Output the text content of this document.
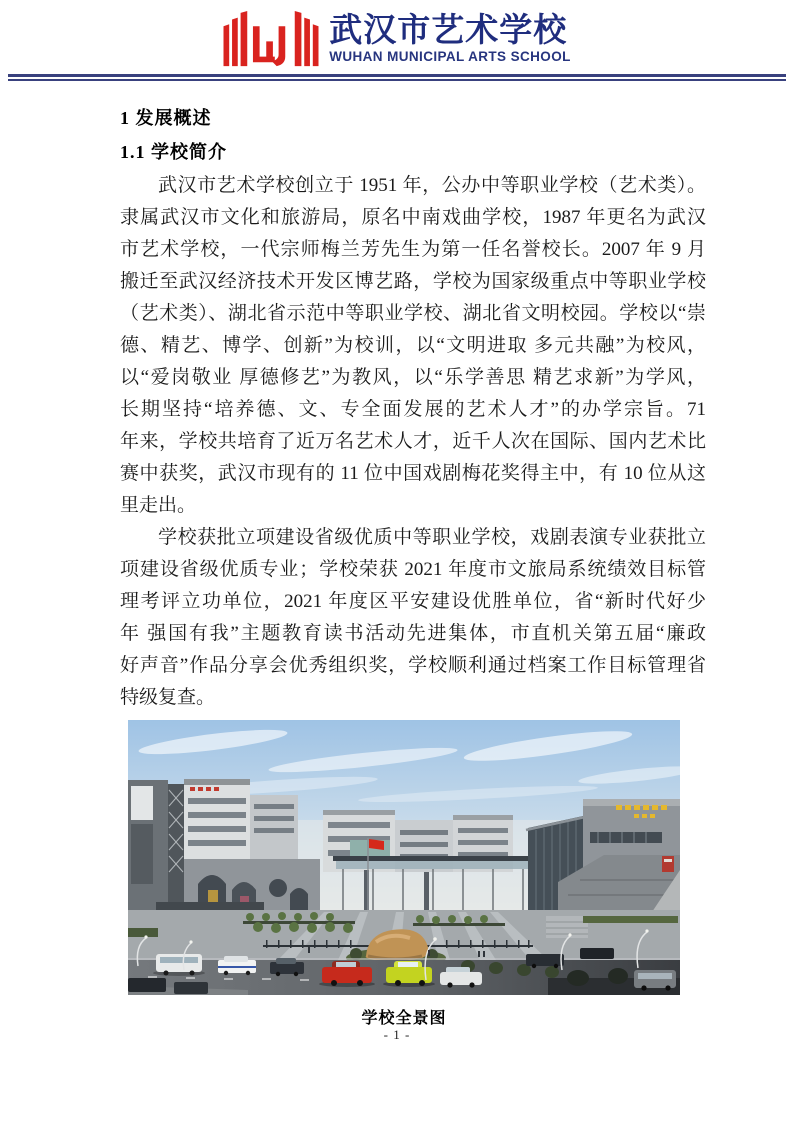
武汉市艺术学校
WUHAN MUNICIPAL ARTS SCHOOL
1 发展概述
1.1 学校简介
武汉市艺术学校创立于 1951 年，公办中等职业学校（艺术类）。
隶属武汉市文化和旅游局，原名中南戏曲学校，1987 年更名为武汉
市艺术学校，一代宗师梅兰芳先生为第一任名誉校长。2007 年 9 月
搬迁至武汉经济技术开发区博艺路，学校为国家级重点中等职业学校
（艺术类）、湖北省示范中等职业学校、湖北省文明校园。学校以“崇
德、精艺、博学、创新”为校训，以“文明进取 多元共融”为校风，
以“爱岗敬业 厚德修艺”为教风，以“乐学善思 精艺求新”为学风，
长期坚持“培养德、文、专全面发展的艺术人才”的办学宗旨。71
年来，学校共培育了近万名艺术人才，近千人次在国际、国内艺术比
赛中获奖，武汉市现有的 11 位中国戏剧梅花奖得主中，有 10 位从这
里走出。
学校获批立项建设省级优质中等职业学校，戏剧表演专业获批立
项建设省级优质专业；学校荣获 2021 年度市文旅局系统绩效目标管
理考评立功单位，2021 年度区平安建设优胜单位，省“新时代好少
年 强国有我”主题教育读书活动先进集体，市直机关第五届“廉政
好声音”作品分享会优秀组织奖，学校顺利通过档案工作目标管理省
特级复查。
学校全景图
- 1 -
